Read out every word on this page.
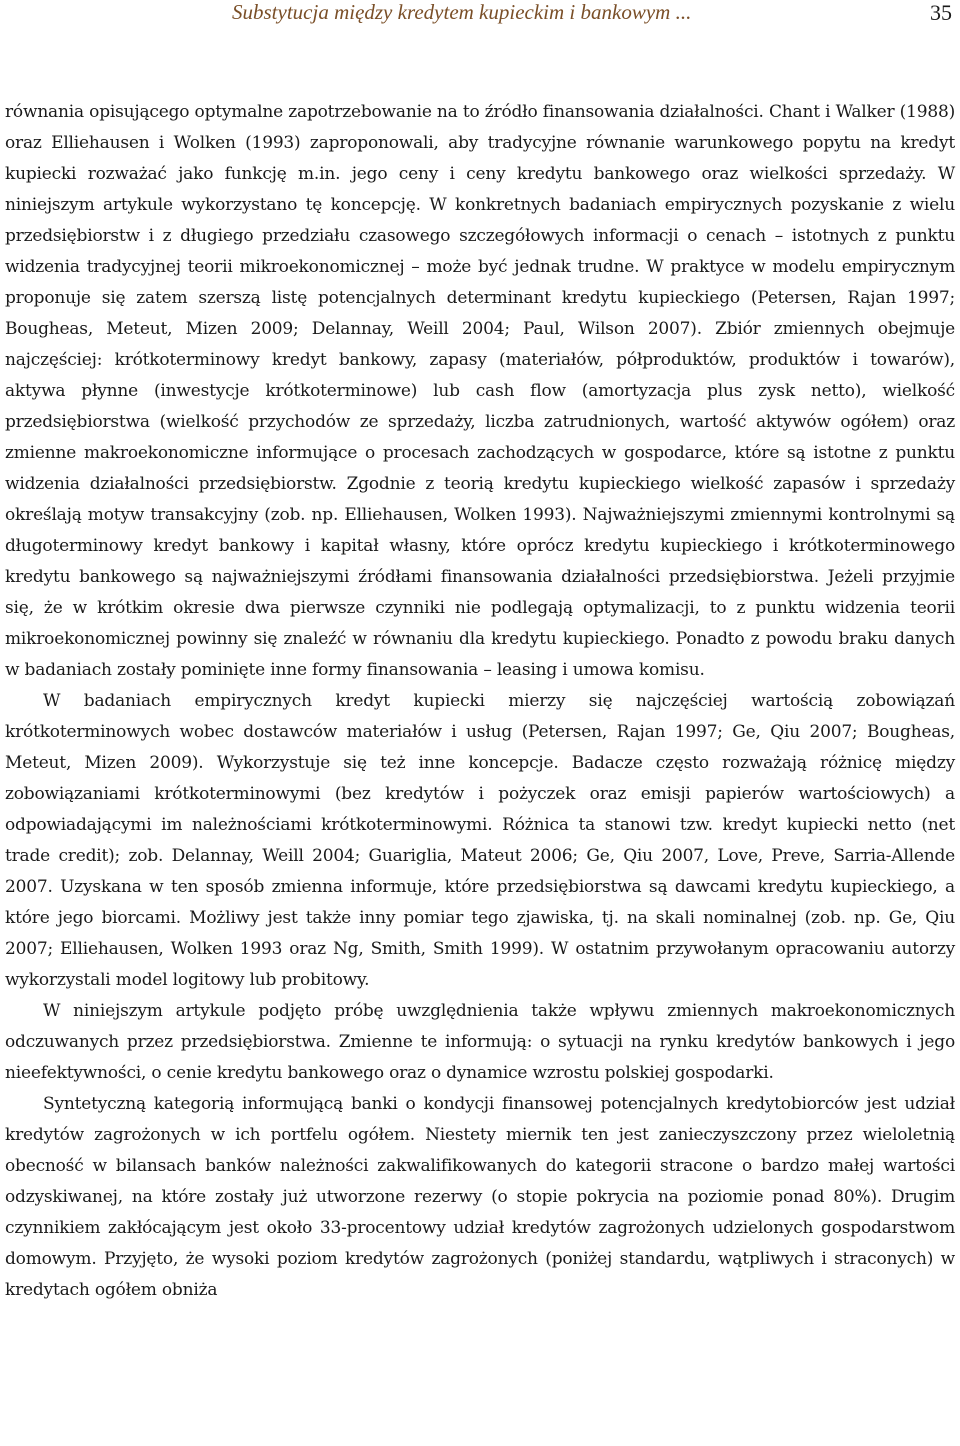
Substytucja między kredytem kupieckim i bankowym ...	35

równania opisującego optymalne zapotrzebowanie na to źródło finansowania działalności. Chant i Walker (1988) oraz Elliehausen i Wolken (1993) zaproponowali, aby tradycyjne równanie warunkowego popytu na kredyt kupiecki rozważać jako funkcję m.in. jego ceny i ceny kredytu bankowego oraz wielkości sprzedaży. W niniejszym artykule wykorzystano tę koncepcję. W konkretnych badaniach empirycznych pozyskanie z wielu przedsiębiorstw i z długiego przedziału czasowego szczegółowych informacji o cenach – istotnych z punktu widzenia tradycyjnej teorii mikroekonomicznej – może być jednak trudne. W praktyce w modelu empirycznym proponuje się zatem szerszą listę potencjalnych determinant kredytu kupieckiego (Petersen, Rajan 1997; Bougheas, Meteut, Mizen 2009; Delannay, Weill 2004; Paul, Wilson 2007). Zbiór zmiennych obejmuje najczęściej: krótkoterminowy kredyt bankowy, zapasy (materiałów, półproduktów, produktów i towarów), aktywa płynne (inwestycje krótkoterminowe) lub cash flow (amortyzacja plus zysk netto), wielkość przedsiębiorstwa (wielkość przychodów ze sprzedaży, liczba zatrudnionych, wartość aktywów ogółem) oraz zmienne makroekonomiczne informujące o procesach zachodzących w gospodarce, które są istotne z punktu widzenia działalności przedsiębiorstw. Zgodnie z teorią kredytu kupieckiego wielkość zapasów i sprzedaży określają motyw transakcyjny (zob. np. Elliehausen, Wolken 1993). Najważniejszymi zmiennymi kontrolnymi są długoterminowy kredyt bankowy i kapitał własny, które oprócz kredytu kupieckiego i krótkoterminowego kredytu bankowego są najważniejszymi źródłami finansowania działalności przedsiębiorstwa. Jeżeli przyjmie się, że w krótkim okresie dwa pierwsze czynniki nie podlegają optymalizacji, to z punktu widzenia teorii mikroekonomicznej powinny się znaleźć w równaniu dla kredytu kupieckiego. Ponadto z powodu braku danych w badaniach zostały pominięte inne formy finansowania – leasing i umowa komisu.

W badaniach empirycznych kredyt kupiecki mierzy się najczęściej wartością zobowiązań krótkoterminowych wobec dostawców materiałów i usług (Petersen, Rajan 1997; Ge, Qiu 2007; Bougheas, Meteut, Mizen 2009). Wykorzystuje się też inne koncepcje. Badacze często rozważają różnicę między zobowiązaniami krótkoterminowymi (bez kredytów i pożyczek oraz emisji papierów wartościowych) a odpowiadającymi im należnościami krótkoterminowymi. Różnica ta stanowi tzw. kredyt kupiecki netto (net trade credit); zob. Delannay, Weill 2004; Guariglia, Mateut 2006; Ge, Qiu 2007, Love, Preve, Sarria-Allende 2007. Uzyskana w ten sposób zmienna informuje, które przedsiębiorstwa są dawcami kredytu kupieckiego, a które jego biorcami. Możliwy jest także inny pomiar tego zjawiska, tj. na skali nominalnej (zob. np. Ge, Qiu 2007; Elliehausen, Wolken 1993 oraz Ng, Smith, Smith 1999). W ostatnim przywołanym opracowaniu autorzy wykorzystali model logitowy lub probitowy.

W niniejszym artykule podjęto próbę uwzględnienia także wpływu zmiennych makroekonomicznych odczuwanych przez przedsiębiorstwa. Zmienne te informują: o sytuacji na rynku kredytów bankowych i jego nieefektywności, o cenie kredytu bankowego oraz o dynamice wzrostu polskiej gospodarki.

Syntetyczną kategorią informującą banki o kondycji finansowej potencjalnych kredytobiorców jest udział kredytów zagrożonych w ich portfelu ogółem. Niestety miernik ten jest zanieczyszczony przez wieloletnią obecność w bilansach banków należności zakwalifikowanych do kategorii stracone o bardzo małej wartości odzyskiwanej, na które zostały już utworzone rezerwy (o stopie pokrycia na poziomie ponad 80%). Drugim czynnikiem zakłócającym jest około 33-procentowy udział kredytów zagrożonych udzielonych gospodarstwom domowym. Przyjęto, że wysoki poziom kredytów zagrożonych (poniżej standardu, wątpliwych i straconych) w kredytach ogółem obniża
